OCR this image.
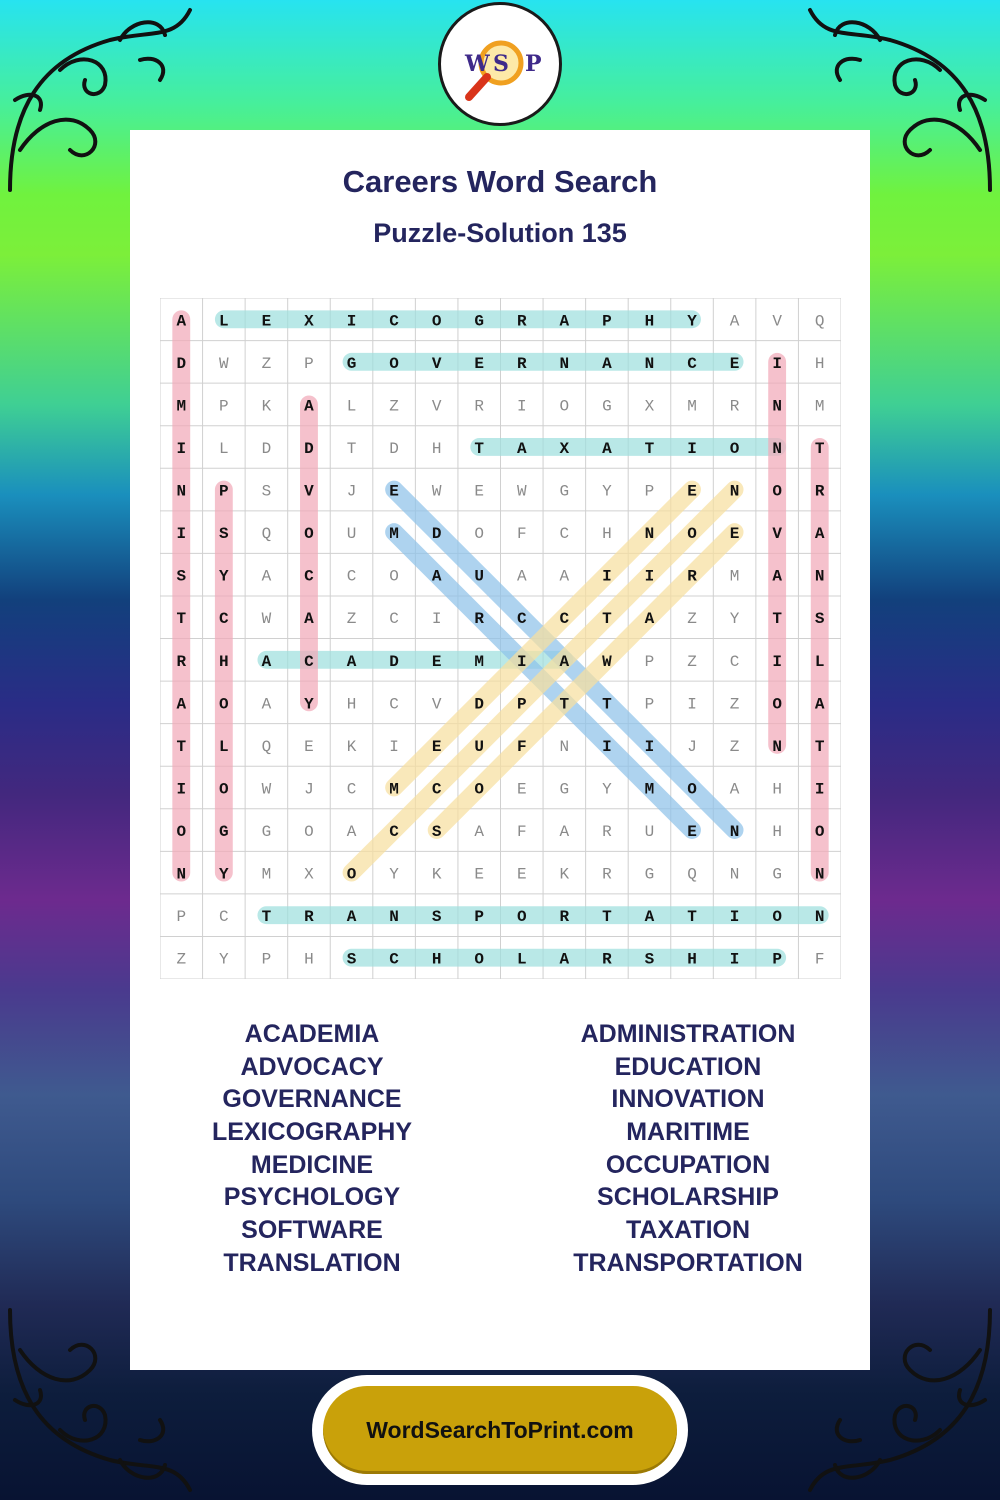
W S P
Careers Word Search
Puzzle-Solution 135
A L E X I C O G R A P H Y A V Q
D W Z P G O V E R N A N C E I H
M P K A L Z V R I O G X M R N M
I L D D T D H T A X A T I O N T
N P S V J E W E W G Y P E N O R
I S Q O U M D O F C H N O E V A
S Y A C C O A U A A I I R M A N
T C W A Z C I R C C T A Z Y T S
R H A C A D E M I A W P Z C I L
A O A Y H C V D P T T P I Z O A
T L Q E K I E U F N I I J Z N T
I O W J C M C O E G Y M O A H I
O G G O A C S A F A R U E N H O
N Y M X O Y K E E K R G Q N G N
P C T R A N S P O R T A T I O N
Z Y P H S C H O L A R S H I P F
ACADEMIA
ADVOCACY
GOVERNANCE
LEXICOGRAPHY
MEDICINE
PSYCHOLOGY
SOFTWARE
TRANSLATION
ADMINISTRATION
EDUCATION
INNOVATION
MARITIME
OCCUPATION
SCHOLARSHIP
TAXATION
TRANSPORTATION
WordSearchToPrint.com
